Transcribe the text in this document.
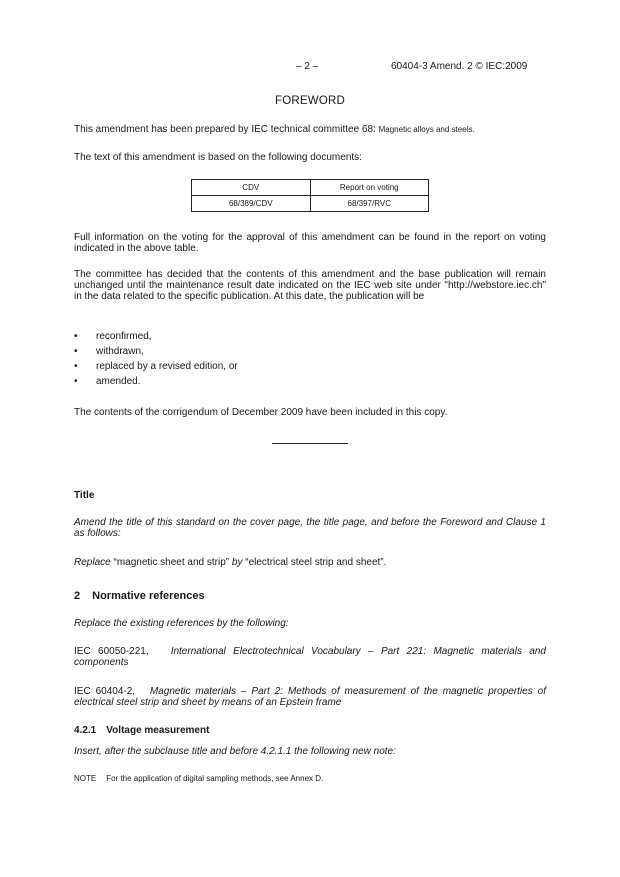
– 2 –	60404-3 Amend. 2 © IEC:2009
FOREWORD
This amendment has been prepared by IEC technical committee 68: Magnetic alloys and steels.
The text of this amendment is based on the following documents:
CDV	Report on voting
68/389/CDV	68/397/RVC
Full information on the voting for the approval of this amendment can be found in the report on voting indicated in the above table.
The committee has decided that the contents of this amendment and the base publication will remain unchanged until the maintenance result date indicated on the IEC web site under "http://webstore.iec.ch" in the data related to the specific publication. At this date, the publication will be
•	reconfirmed,
•	withdrawn,
•	replaced by a revised edition, or
•	amended.
The contents of the corrigendum of December 2009 have been included in this copy.
Title
Amend the title of this standard on the cover page, the title page, and before the Foreword and Clause 1 as follows:
Replace “magnetic sheet and strip” by “electrical steel strip and sheet”.
2 Normative references
Replace the existing references by the following:
IEC 60050-221, International Electrotechnical Vocabulary – Part 221: Magnetic materials and components
IEC 60404-2, Magnetic materials – Part 2: Methods of measurement of the magnetic properties of electrical steel strip and sheet by means of an Epstein frame
4.2.1 Voltage measurement
Insert, after the subclause title and before 4.2.1.1 the following new note:
NOTE For the application of digital sampling methods, see Annex D.
